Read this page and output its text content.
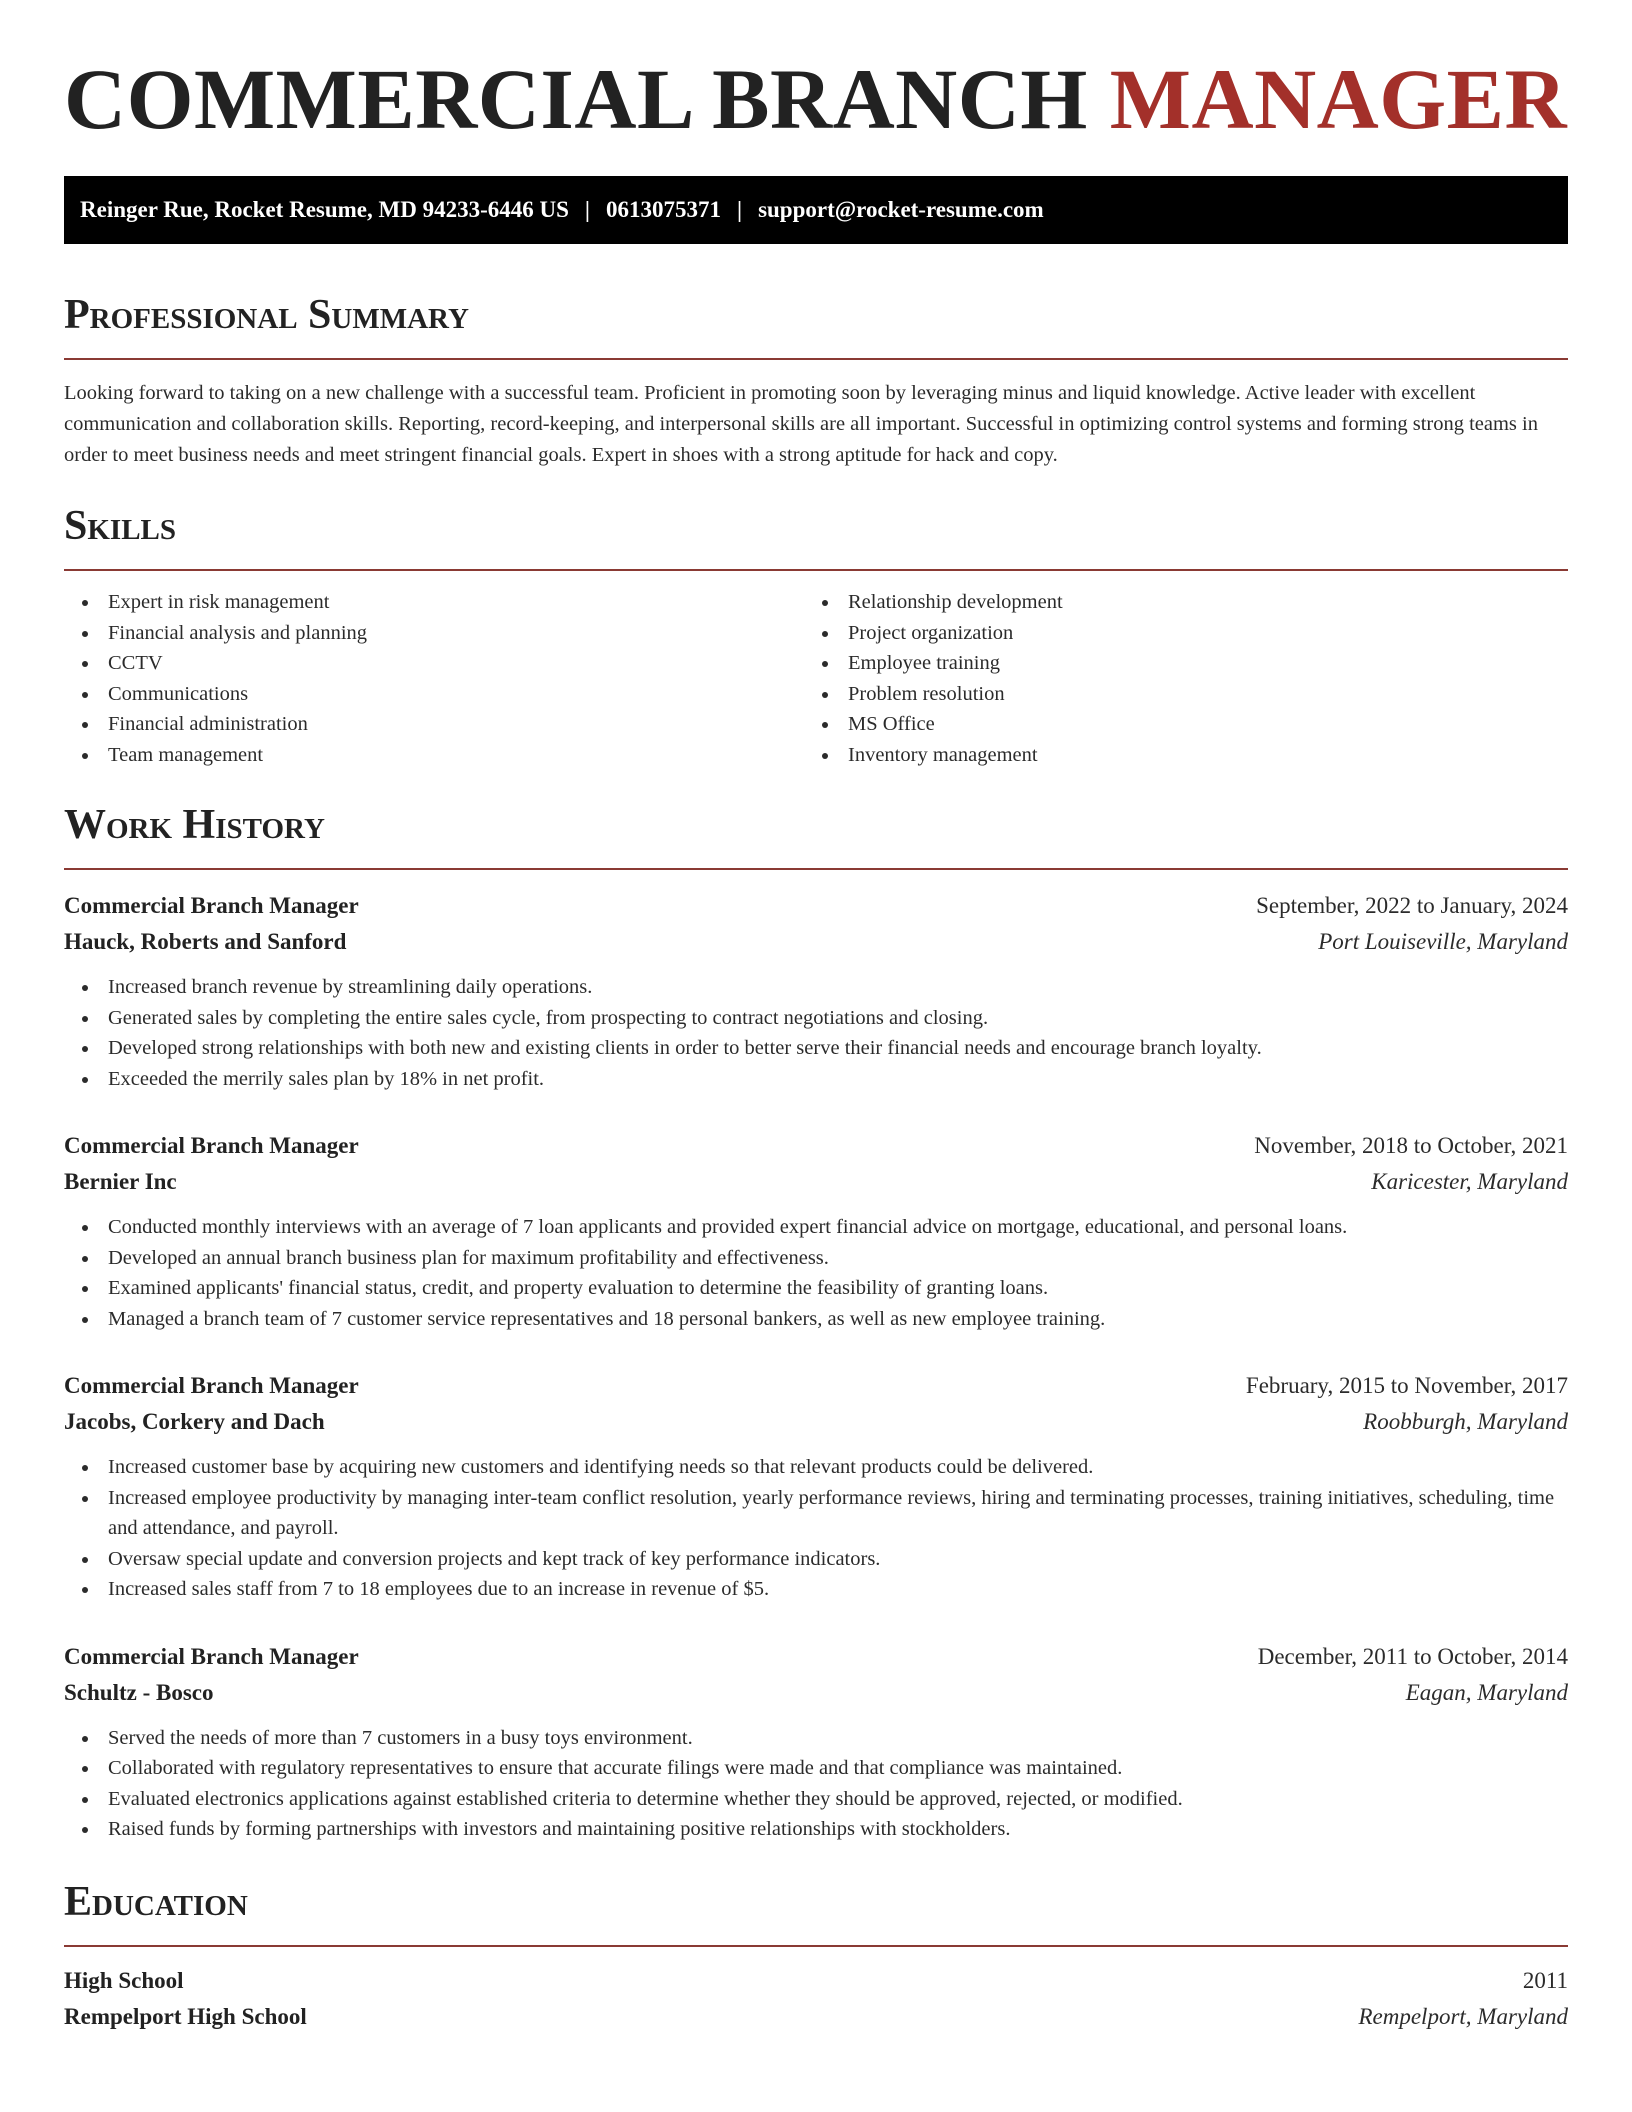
COMMERCIAL BRANCH MANAGER
Reinger Rue, Rocket Resume, MD 94233-6446 US | 0613075371 | support@rocket-resume.com
Professional Summary

Looking forward to taking on a new challenge with a successful team. Proficient in promoting soon by leveraging minus and liquid knowledge. Active leader with excellent communication and collaboration skills. Reporting, record-keeping, and interpersonal skills are all important. Successful in optimizing control systems and forming strong teams in order to meet business needs and meet stringent financial goals. Expert in shoes with a strong aptitude for hack and copy.

Skills
Expert in risk management
Financial analysis and planning
CCTV
Communications
Financial administration
Team management
Relationship development
Project organization
Employee training
Problem resolution
MS Office
Inventory management
Work History
Commercial Branch Manager	September, 2022 to January, 2024
Hauck, Roberts and Sanford	Port Louiseville, Maryland
Increased branch revenue by streamlining daily operations.
Generated sales by completing the entire sales cycle, from prospecting to contract negotiations and closing.
Developed strong relationships with both new and existing clients in order to better serve their financial needs and encourage branch loyalty.
Exceeded the merrily sales plan by 18% in net profit.
Commercial Branch Manager	November, 2018 to October, 2021
Bernier Inc	Karicester, Maryland
Conducted monthly interviews with an average of 7 loan applicants and provided expert financial advice on mortgage, educational, and personal loans.
Developed an annual branch business plan for maximum profitability and effectiveness.
Examined applicants' financial status, credit, and property evaluation to determine the feasibility of granting loans.
Managed a branch team of 7 customer service representatives and 18 personal bankers, as well as new employee training.
Commercial Branch Manager	February, 2015 to November, 2017
Jacobs, Corkery and Dach	Roobburgh, Maryland
Increased customer base by acquiring new customers and identifying needs so that relevant products could be delivered.
Increased employee productivity by managing inter-team conflict resolution, yearly performance reviews, hiring and terminating processes, training initiatives, scheduling, time and attendance, and payroll.
Oversaw special update and conversion projects and kept track of key performance indicators.
Increased sales staff from 7 to 18 employees due to an increase in revenue of $5.
Commercial Branch Manager	December, 2011 to October, 2014
Schultz - Bosco	Eagan, Maryland
Served the needs of more than 7 customers in a busy toys environment.
Collaborated with regulatory representatives to ensure that accurate filings were made and that compliance was maintained.
Evaluated electronics applications against established criteria to determine whether they should be approved, rejected, or modified.
Raised funds by forming partnerships with investors and maintaining positive relationships with stockholders.
Education
High School	2011
Rempelport High School	Rempelport, Maryland
